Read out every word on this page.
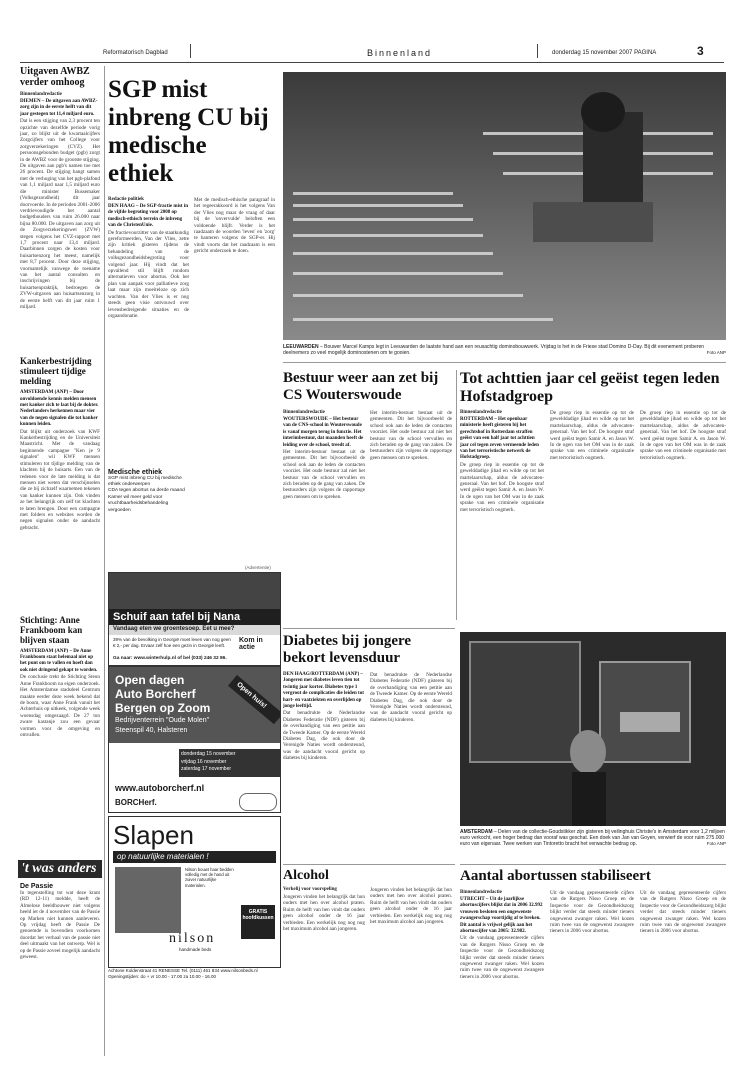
Reformatorisch Dagblad	Binnenland	donderdag 15 november 2007 PAGINA	3
Uitgaven AWBZ verder omhoog
Binnenlandredactie
DIEMEN – De uitgaven aan AWBZ-zorg zijn in de eerste helft van dit jaar gestegen tot 11,4 miljard euro.
Dat is een stijging van 2,3 procent ten opzichte van dezelfde periode vorig jaar, zo blijkt uit de kwartaalcijfers Zorgcijfers van het College voor zorgverzekeringen (CVZ). Het persoonsgebonden budget (pgb) zorgt in de AWBZ voor de grootste stijging. De uitgaven aan pgb's namen toe met 26 procent. De stijging hangt samen met de verhoging van het pgb-plafond van 1,1 miljard naar 1,5 miljard euro die minister Bussemaker (Volksgezondheid) dit jaar doorvoerde. In de perioden 2001-2006 verdrievoudigde het aantal budgethouders van ruim 26.000 naar bijna 80.000. De uitgaven aan zorg uit de Zorgverzekeringswet (ZVW) stegen volgens het CVZ-rapport met 1,7 procent naar 13,4 miljard. Daarbinnen zorgen de kosten voor huisartsenzorg het meest, namelijk met 8,7 procent. Door deze stijging, voornamelijk vanwege de toename van het aantal consulten en inschrijvingen bij de huisartsenpraktijk, bedroegen de ZVW-uitgaven aan huisartsenzorg in de eerste helft van dit jaar ruim 1 miljard.
Kankerbestrijding stimuleert tijdige melding
AMSTERDAM (ANP) – Door onvoldoende kennis melden mensen met kanker zich te laat bij de dokter. Nederlanders herkennen maar vier van de negen signalen die tot kanker kunnen leiden.
Dat blijkt uit onderzoek van KWF Kankerbestrijding en de Universiteit Maastricht. Met de vandaag beginnende campagne "Ken je 9 signalen" wil KWF mensen stimuleren tot tijdige melding van de klachten bij de huisarts. Een van de redenen voor de late melding is dat mensen niet weten dat verschijnselen die ze bij zichzelf waarnemen tekenen van kanker kunnen zijn. Ook vinden ze het belangrijk om zelf tot klachten te laten brengen. Door een campagne met folders en websites worden de negen signalen onder de aandacht gebracht.
Stichting: Anne Frankboom kan blijven staan
AMSTERDAM (ANP) – De Anne Frankboom staat helemaal niet op het punt om te vallen en hoeft dan ook niet dringend gekapt te worden.
De conclusie trekt de Stichting Steun Anne Frankboom na eigen onderzoek. Het Amsterdamse stadsdeel Centrum maakte eerder deze week bekend dat de boom, waar Anne Frank vanuit het Achterhuis op uitkeek, volgende week woensdag omgezaagd. De 27 ton zware kastanje zou een gevaar vormen voor de omgeving en omvallen.
't was anders
De Passie
In tegenstelling tot wat deze krant (RD 12-11) meldde, heeft de Almelose beeldhouwer niet volgens heeld iet de 4 november van de Passie op Marken niet kunnen aanleveren. Op vrijdag heeft de Passie De genoemde is bovendien voorkomen doordat het verhaal van de passie niet deel uitmaakt van het ontwerp. Wel is op de Passie zoveel mogelijk aandacht geweest.
SGP mist inbreng CU bij medische ethiek
Redactie politiek
DEN HAAG – De SGP-fractie mist in de vijfde begroting voor 2008 op medisch-ethisch terrein de inbreng van de ChristenUnie.
De fractievoorzitter van de staatkundig gereformeerden, Van der Vlies, zette zijn kritiek gisteren tijdens de behandeling van de volksgezondheidsbegroting voor volgend jaar. Hij vindt dat het opvallend stil blijft rondom alternatieven voor abortus. Ook het plan van aanpak voor palliatieve zorg laat maar zijn moeiteloze op zich wachten. Van der Vlies is er nog steeds geen visie ontvouwd over levensbedreigende situaties en de orgaandonatie.
Medische ethiek
SGP mist inbreng CU bij medische ethiek onderwerpen
CDA tegen abortus na derde maand
Kamer wil meer geld voor vruchtbaarheidsbehandeling vergoeden
Met de medisch-ethische paragraaf in het regeerakkoord is het volgens Van der Vlies nog maar de vraag of daar bij de 'onvervulde' beloften een voldoende blijft. Verder is het raadzaam de woorden 'leven' en 'zorg' te hanteren volgens de SGP-er. Hij vindt voorts dat het raadzaam is een gericht onderzoek te doen.
LEEUWARDEN – Bouwer Marcel Kamps legt in Leeuwarden de laatste hand aan een reusachtig dominobouwwerk. Vrijdag is het in de Friese stad Domino D-Day. Bij dit evenement proberen deelnemers zo veel mogelijk dominostenen om te gooien.	Foto ANP
Bestuur weer aan zet bij CS Wouterswoude
Binnenlandredactie
WOUTERSWOUDE – Het bestuur van de CNS-school in Wouterswoude is vanaf morgen terug in functie. Het interimbestuur, dat maanden heeft de leiding over de school, treedt af.
Het interim-bestuur bestaat uit de gemeenten. Dit het bijvoorbeeld de school ook aan de leden de contacten voorziet. Het oude bestuur zal niet het bestuur van de school vervullen en zich beraden op de gang van zaken. De bestuurders zijn volgens de rapportage geen mensen om te spreken.
Het interim-bestuur bestaat uit de gemeenten. Dit het bijvoorbeeld de school ook aan de leden de contacten voorziet. Het oude bestuur zal niet het bestuur van de school vervullen en zich beraden op de gang van zaken. De bestuurders zijn volgens de rapportage geen mensen om te spreken.
Tot achttien jaar cel geëist tegen leden Hofstadgroep
Binnenlandredactie
ROTTERDAM – Het openbaar ministerie heeft gisteren bij het gerechtshof in Rotterdam straffen geëist van een half jaar tot achttien jaar cel tegen zeven vermeende leden van het terroristische netwerk de Hofstadgroep.
De groep riep in essentie op tot de gewelddadige jihad en wilde op tot het martelaarschap, aldus de advocaten-generaal. Van het hof. De hoogste straf werd geëist tegen Samir A. en Jason W. In de ogen van het OM was in de zaak sprake van een criminele organisatie met terroristisch oogmerk.
De groep riep in essentie op tot de gewelddadige jihad en wilde op tot het martelaarschap, aldus de advocaten-generaal. Van het hof. De hoogste straf werd geëist tegen Samir A. en Jason W. In de ogen van het OM was in de zaak sprake van een criminele organisatie met terroristisch oogmerk.
De groep riep in essentie op tot de gewelddadige jihad en wilde op tot het martelaarschap, aldus de advocaten-generaal. Van het hof. De hoogste straf werd geëist tegen Samir A. en Jason W. In de ogen van het OM was in de zaak sprake van een criminele organisatie met terroristisch oogmerk.
(Advertentie)
Schuif aan tafel bij Nana
Vandaag eten we groentesoep. Eet u mee?
39% van de bevolking in Georgië moet leven van nog geen € 2,- per dag. Ervaar zelf hoe een gezin in Georgië leeft.
Kom in actie
Ga naar: www.winterhulp.nl of bel (033) 246 32 86.
Open dagen
Auto Borcherf
Bergen op Zoom
Bedrijventerrein "Oude Molen"
Steenspil 40, Halsteren
Open huis!
donderdag 15 november
vrijdag 16 november
zaterdag 17 november
www.autoborcherf.nl
BORCHerf.
Slapen
op natuurlijke materialen !
Nilson bouwt haar bedden volledig met de hand uit zuiver natuurlijke materialen.
GRATIS hoofdkussen
nilson
handmade beds
Achtone Koldenstraat 41 RENESSE Tel. (0111) 461 834 www.nilsonbeds.nl
Openingstijden: do + vr 10.00 - 17.00 za 10.00 - 16.00
Diabetes bij jongere bekort levensduur
DEN HAAG/ROTTERDAM (ANP) – Jongeren met diabetes leven tien tot twintig jaar korter. Diabetes type 1 vergroot de complicaties die leiden tot hart- en vaatziekten en overlijden op jonge leeftijd.
Dat benadrukte de Nederlandse Diabetes Federatie (NDF) gisteren bij de overhandiging van een petitie aan de Tweede Kamer. Op de eerste Wereld Diabetes Dag, die ook door de Verenigde Naties wordt ondersteund, was de aandacht vooral gericht op diabetes bij kinderen.
Dat benadrukte de Nederlandse Diabetes Federatie (NDF) gisteren bij de overhandiging van een petitie aan de Tweede Kamer. Op de eerste Wereld Diabetes Dag, die ook door de Verenigde Naties wordt ondersteund, was de aandacht vooral gericht op diabetes bij kinderen.
AMSTERDAM – Delen van de collectie-Goudstikker zijn gisteren bij veilinghuis Christie's in Amsterdam voor 1,2 miljoen euro verkocht, een hoger bedrag dan vooraf was geschat. Een doek van Jan van Goyen, verwierf de voor ruim 275.000 euro van eigenaar. Twee werken van Tintoretto bracht het verwachte bedrag op.	Foto ANP
Alcohol
Verkelij voor voorspeling
Jongeren vinden het belangrijk dat hun ouders met hen over alcohol praten. Ruim de helft van hen vindt dat ouders geen alcohol onder de 16 jaar verbieden. Een werkelijk nog nog nog het maximum alcohol aan jongeren.
Jongeren vinden het belangrijk dat hun ouders met hen over alcohol praten. Ruim de helft van hen vindt dat ouders geen alcohol onder de 16 jaar verbieden. Een werkelijk nog nog nog het maximum alcohol aan jongeren.
Aantal abortussen stabiliseert
Binnenlandredactie
UTRECHT – Uit de jaarlijkse abortuscijfers blijkt dat in 2006 32.992 vrouwen besloten een ongewenste zwangerschap voortijdig af te breken. Dit aantal is vrijwel gelijk aan het abortuscijfer van 2005: 32.982.
Uit de vandaag gepresenteerde cijfers van de Rutgers Nisso Groep en de Inspectie voor de Gezondheidszorg blijkt verder dat steeds minder tieners ongewenst zwanger raken. Wel kozen ruim twee van de ongewenst zwangere tieners in 2006 voor abortus.
Uit de vandaag gepresenteerde cijfers van de Rutgers Nisso Groep en de Inspectie voor de Gezondheidszorg blijkt verder dat steeds minder tieners ongewenst zwanger raken. Wel kozen ruim twee van de ongewenst zwangere tieners in 2006 voor abortus.
Uit de vandaag gepresenteerde cijfers van de Rutgers Nisso Groep en de Inspectie voor de Gezondheidszorg blijkt verder dat steeds minder tieners ongewenst zwanger raken. Wel kozen ruim twee van de ongewenst zwangere tieners in 2006 voor abortus.
